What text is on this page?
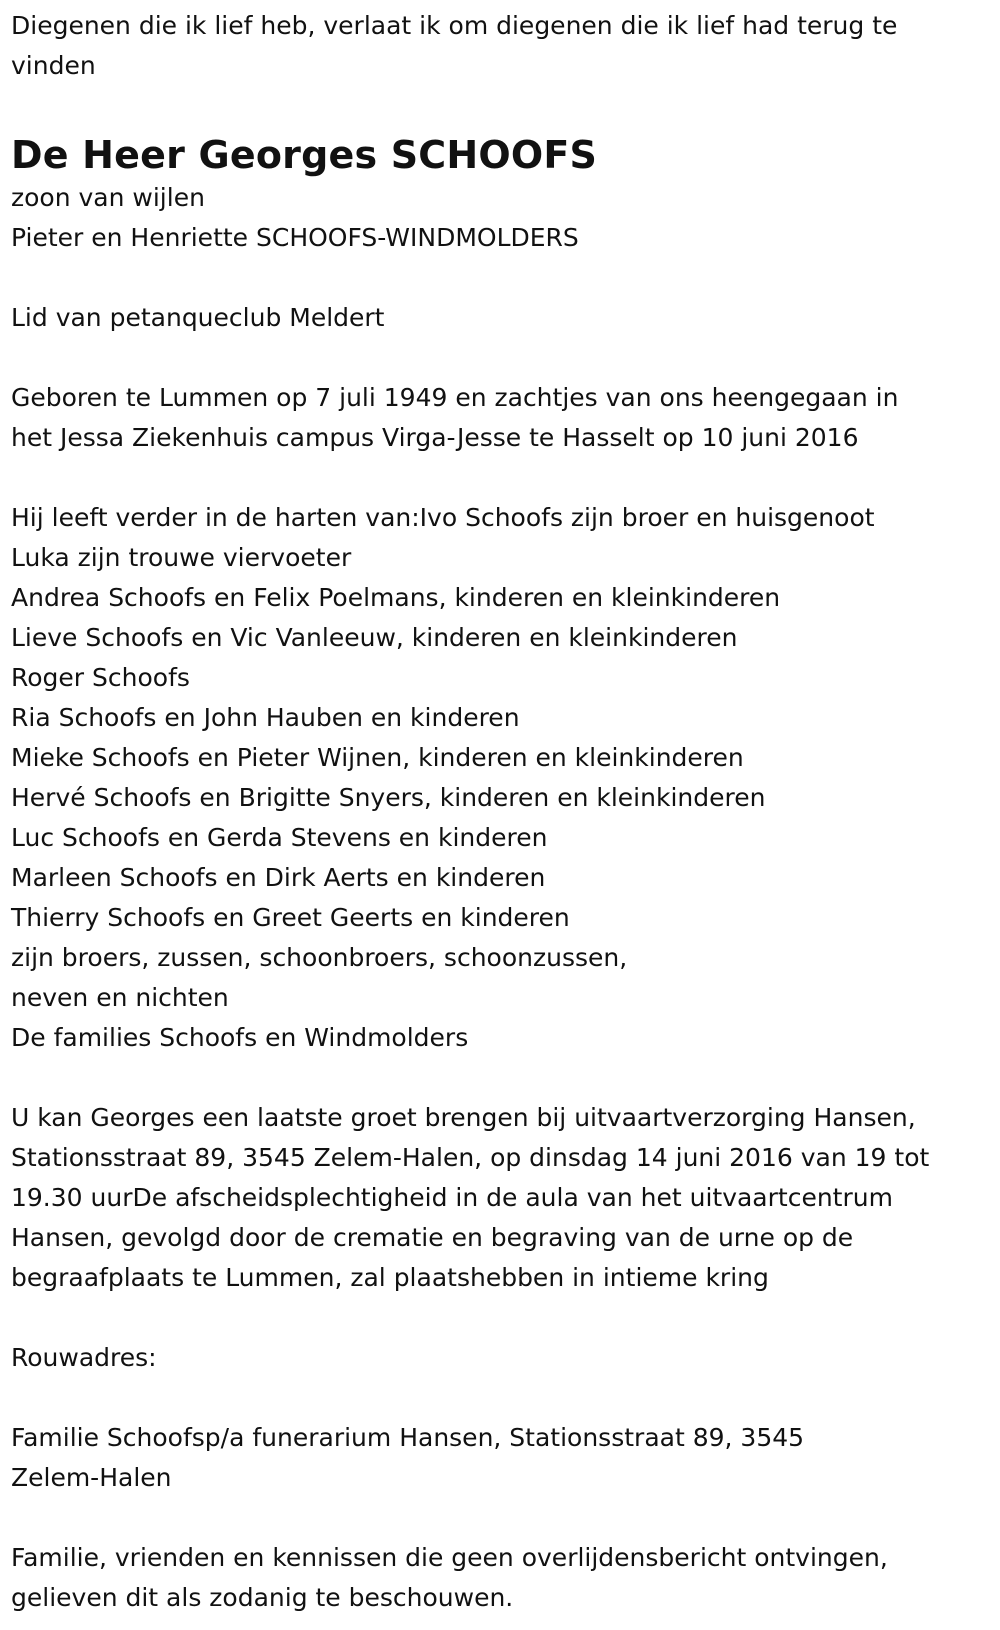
Diegenen die ik lief heb, verlaat ik om diegenen die ik lief had terug te vinden

De Heer Georges SCHOOFS

zoon van wijlen

Pieter en Henriette SCHOOFS-WINDMOLDERS

Lid van petanqueclub Meldert

Geboren te Lummen op 7 juli 1949 en zachtjes van ons heengegaan in

het Jessa Ziekenhuis campus Virga-Jesse te Hasselt op 10 juni 2016

Hij leeft verder in de harten van:Ivo Schoofs zijn broer en huisgenoot

Luka zijn trouwe viervoeter

Andrea Schoofs en Felix Poelmans, kinderen en kleinkinderen

Lieve Schoofs en Vic Vanleeuw, kinderen en kleinkinderen

Roger Schoofs

Ria Schoofs en John Hauben en kinderen

Mieke Schoofs en Pieter Wijnen, kinderen en kleinkinderen

Hervé Schoofs en Brigitte Snyers, kinderen en kleinkinderen

Luc Schoofs en Gerda Stevens en kinderen

Marleen Schoofs en Dirk Aerts en kinderen

Thierry Schoofs en Greet Geerts en kinderen

zijn broers, zussen, schoonbroers, schoonzussen,

neven en nichten

De families Schoofs en Windmolders

U kan Georges een laatste groet brengen bij uitvaartverzorging Hansen,

Stationsstraat 89, 3545 Zelem-Halen, op dinsdag 14 juni 2016 van 19 tot

19.30 uurDe afscheidsplechtigheid in de aula van het uitvaartcentrum

Hansen, gevolgd door de crematie en begraving van de urne op de

begraafplaats te Lummen, zal plaatshebben in intieme kring

Rouwadres:

Familie Schoofsp/a funerarium Hansen, Stationsstraat 89, 3545

Zelem-Halen

Familie, vrienden en kennissen die geen overlijdensbericht ontvingen,

gelieven dit als zodanig te beschouwen.
